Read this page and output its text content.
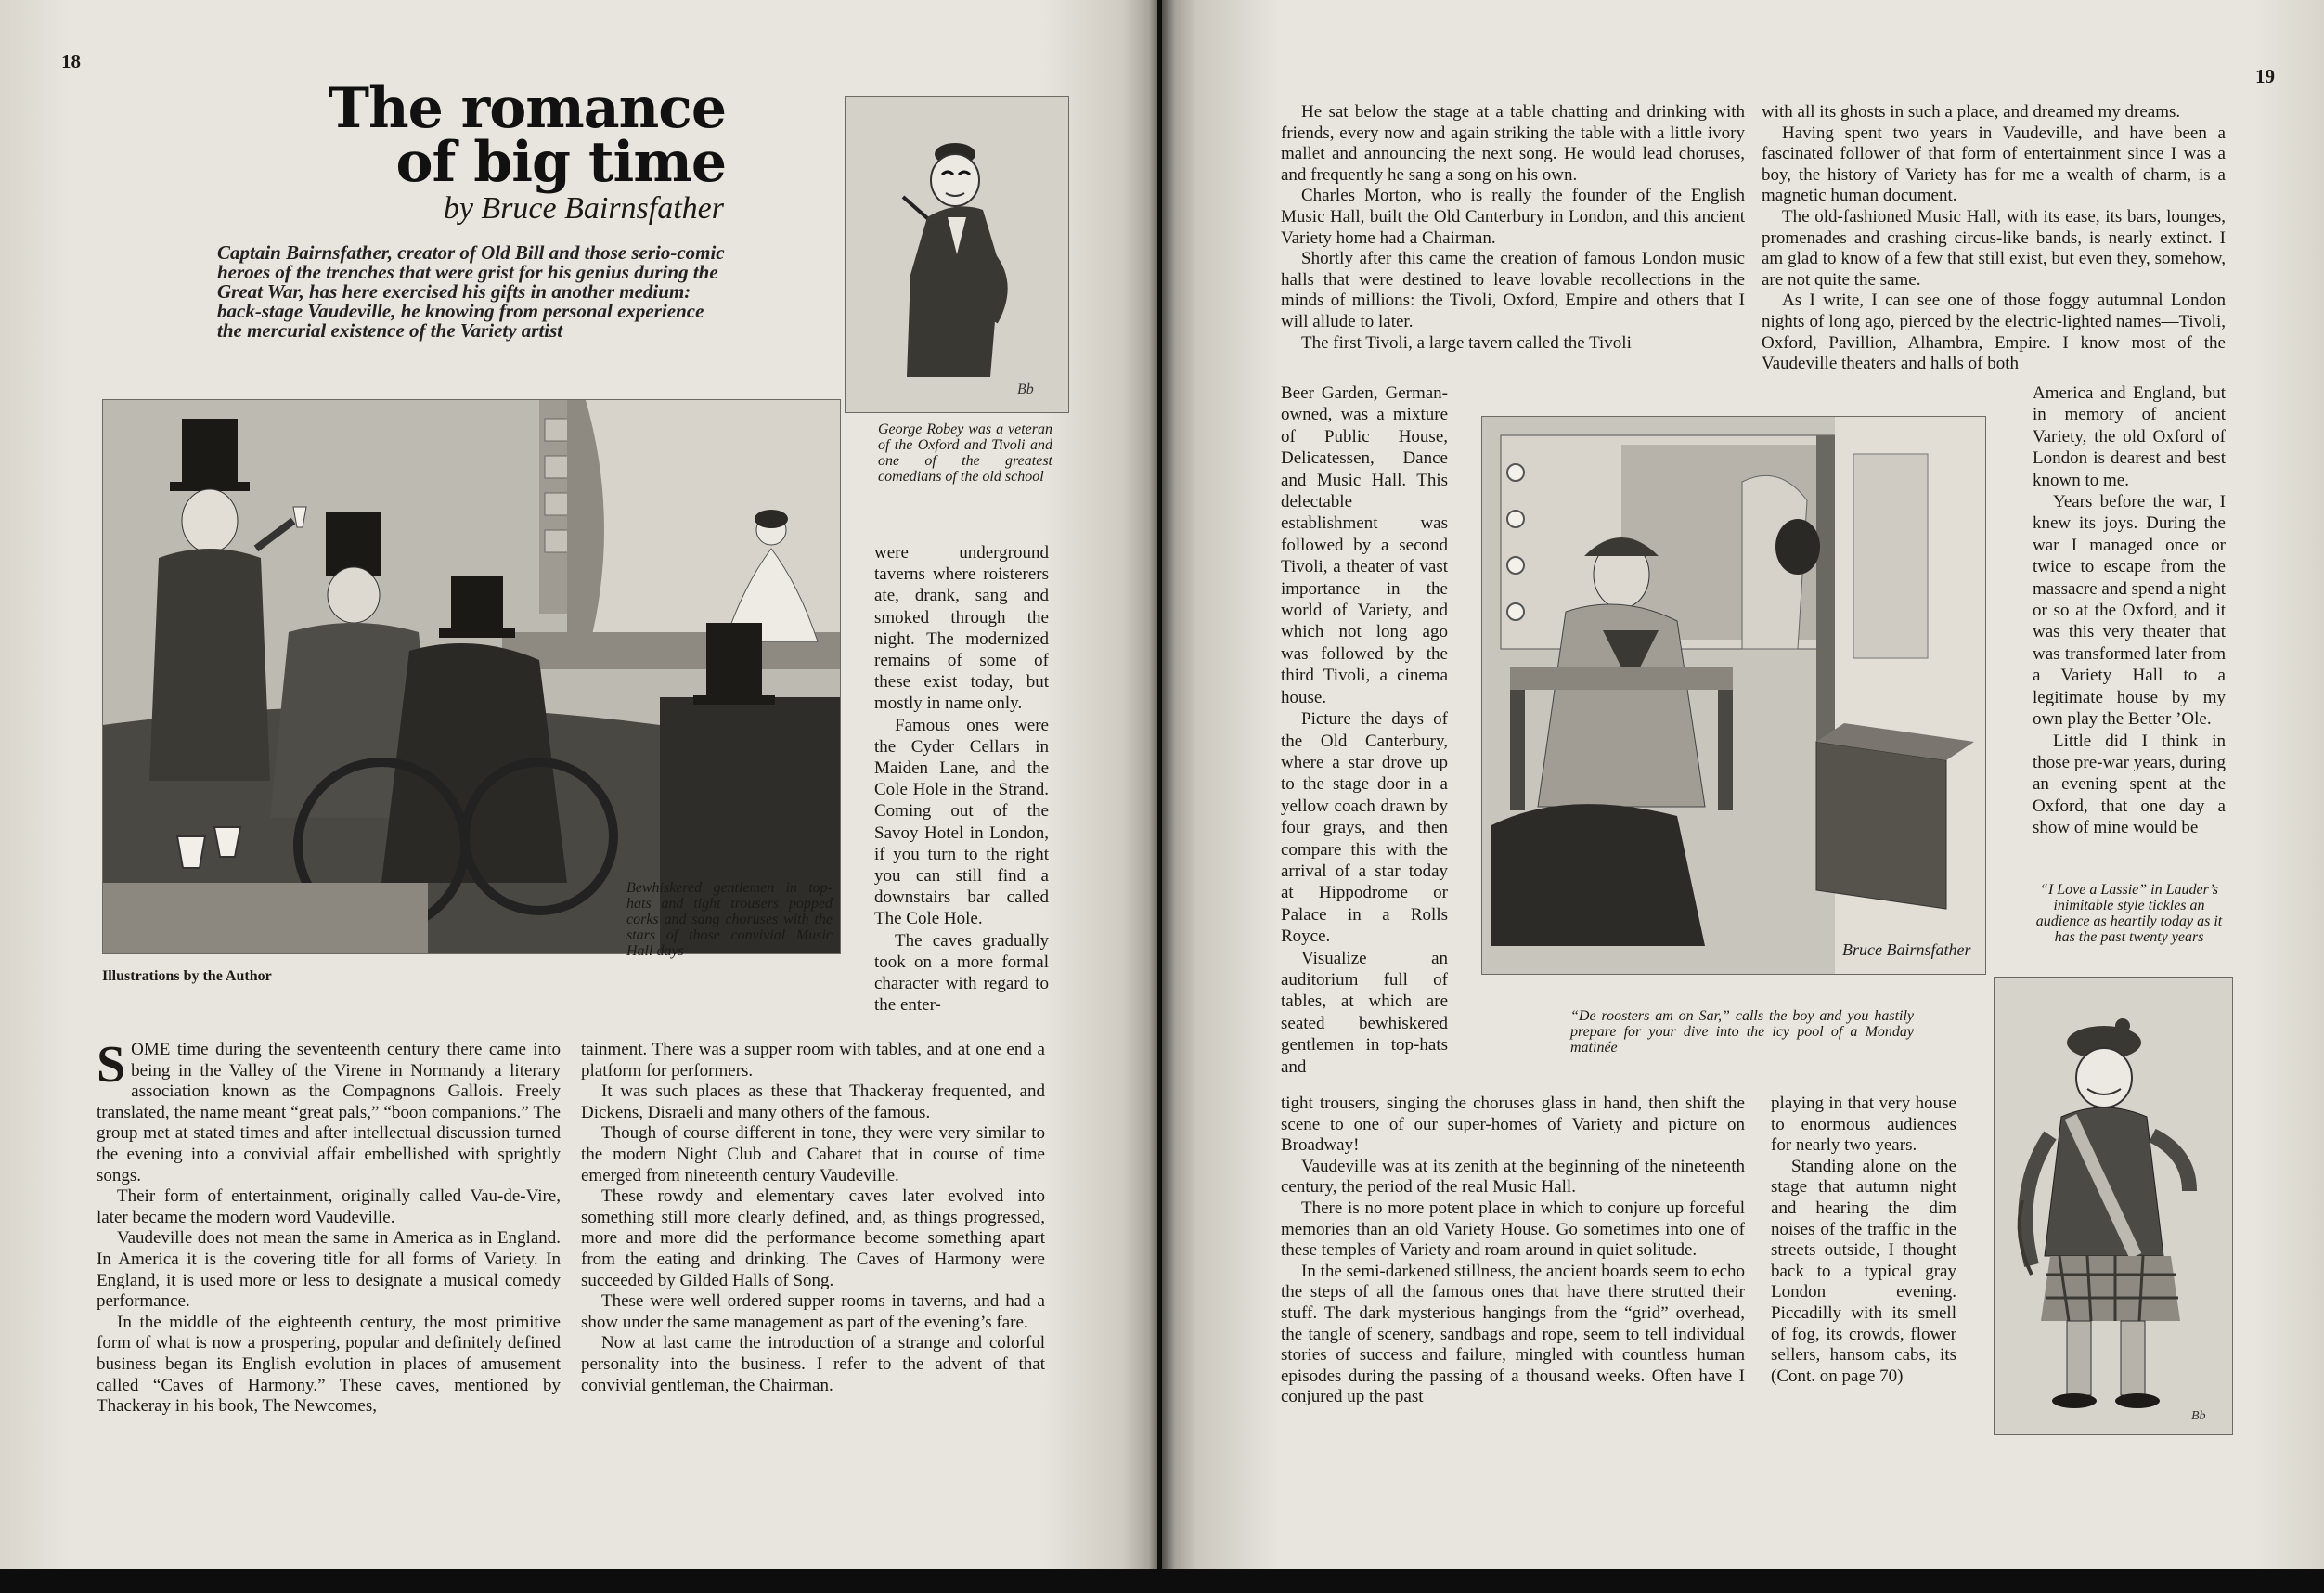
18
The romance
of big time
by Bruce Bairnsfather
Captain Bairnsfather, creator of Old Bill and those serio-comic heroes of the trenches that were grist for his genius during the Great War, has here exercised his gifts in another medium: back-stage Vaudeville, he knowing from personal experience the mercurial existence of the Variety artist
Bb
George Robey was a veteran of the Oxford and Tivoli and one of the greatest comedians of the old school
Bewhiskered gentlemen in top-hats and tight trousers popped corks and sang choruses with the stars of those convivial Music Hall days
Illustrations by the Author

were underground taverns where roisterers ate, drank, sang and smoked through the night. The modernized remains of some of these exist today, but mostly in name only.

Famous ones were the Cyder Cellars in Maiden Lane, and the Cole Hole in the Strand. Coming out of the Savoy Hotel in London, if you turn to the right you can still find a downstairs bar called The Cole Hole.

The caves gradually took on a more formal character with regard to the enter-

SOME time during the seventeenth century there came into being in the Valley of the Virene in Normandy a literary association known as the Compagnons Gallois. Freely translated, the name meant “great pals,” “boon companions.” The group met at stated times and after intellectual discussion turned the evening into a convivial affair embellished with sprightly songs.

Their form of entertainment, originally called Vau-de-Vire, later became the modern word Vaudeville.

Vaudeville does not mean the same in America as in England. In America it is the covering title for all forms of Variety. In England, it is used more or less to designate a musical comedy performance.

In the middle of the eighteenth century, the most primitive form of what is now a prospering, popular and definitely defined business began its English evolution in places of amusement called “Caves of Harmony.” These caves, mentioned by Thackeray in his book, The Newcomes,

tainment. There was a supper room with tables, and at one end a platform for performers.

It was such places as these that Thackeray frequented, and Dickens, Disraeli and many others of the famous.

Though of course different in tone, they were very similar to the modern Night Club and Cabaret that in course of time emerged from nineteenth century Vaudeville.

These rowdy and elementary caves later evolved into something still more clearly defined, and, as things progressed, more and more did the performance become something apart from the eating and drinking. The Caves of Harmony were succeeded by Gilded Halls of Song.

These were well ordered supper rooms in taverns, and had a show under the same management as part of the evening’s fare.

Now at last came the introduction of a strange and colorful personality into the business. I refer to the advent of that convivial gentleman, the Chairman.

19

He sat below the stage at a table chatting and drinking with friends, every now and again striking the table with a little ivory mallet and announcing the next song. He would lead choruses, and frequently he sang a song on his own.

Charles Morton, who is really the founder of the English Music Hall, built the Old Canterbury in London, and this ancient Variety home had a Chairman.

Shortly after this came the creation of famous London music halls that were destined to leave lovable recollections in the minds of millions: the Tivoli, Oxford, Empire and others that I will allude to later.

The first Tivoli, a large tavern called the Tivoli

Beer Garden, German-owned, was a mixture of Public House, Delicatessen, Dance and Music Hall. This delectable establishment was followed by a second Tivoli, a theater of vast importance in the world of Variety, and which not long ago was followed by the third Tivoli, a cinema house.

Picture the days of the Old Canterbury, where a star drove up to the stage door in a yellow coach drawn by four grays, and then compare this with the arrival of a star today at Hippodrome or Palace in a Rolls Royce.

Visualize an auditorium full of tables, at which are seated bewhiskered gentlemen in top-hats and

Bruce Bairnsfather
“De roosters am on Sar,” calls the boy and you hastily prepare for your dive into the icy pool of a Monday matinée

tight trousers, singing the choruses glass in hand, then shift the scene to one of our super-homes of Variety and picture on Broadway!

Vaudeville was at its zenith at the beginning of the nineteenth century, the period of the real Music Hall.

There is no more potent place in which to conjure up forceful memories than an old Variety House. Go sometimes into one of these temples of Variety and roam around in quiet solitude.

In the semi-darkened stillness, the ancient boards seem to echo the steps of all the famous ones that have there strutted their stuff. The dark mysterious hangings from the “grid” overhead, the tangle of scenery, sandbags and rope, seem to tell individual stories of success and failure, mingled with countless human episodes during the passing of a thousand weeks. Often have I conjured up the past

with all its ghosts in such a place, and dreamed my dreams.

Having spent two years in Vaudeville, and have been a fascinated follower of that form of entertainment since I was a boy, the history of Variety has for me a wealth of charm, is a magnetic human document.

The old-fashioned Music Hall, with its ease, its bars, lounges, promenades and crashing circus-like bands, is nearly extinct. I am glad to know of a few that still exist, but even they, somehow, are not quite the same.

As I write, I can see one of those foggy autumnal London nights of long ago, pierced by the electric-lighted names—Tivoli, Oxford, Pavillion, Alhambra, Empire. I know most of the Vaudeville theaters and halls of both

America and England, but in memory of ancient Variety, the old Oxford of London is dearest and best known to me.

Years before the war, I knew its joys. During the war I managed once or twice to escape from the massacre and spend a night or so at the Oxford, and it was this very theater that was transformed later from a Variety Hall to a legitimate house by my own play the Better ’Ole.

Little did I think in those pre-war years, during an evening spent at the Oxford, that one day a show of mine would be

“I Love a Lassie” in Lauder’s inimitable style tickles an audience as heartily today as it has the past twenty years
Bb

playing in that very house to enormous audiences for nearly two years.

Standing alone on the stage that autumn night and hearing the dim noises of the traffic in the streets outside, I thought back to a typical gray London evening. Piccadilly with its smell of fog, its crowds, flower sellers, hansom cabs, its (Cont. on page 70)
